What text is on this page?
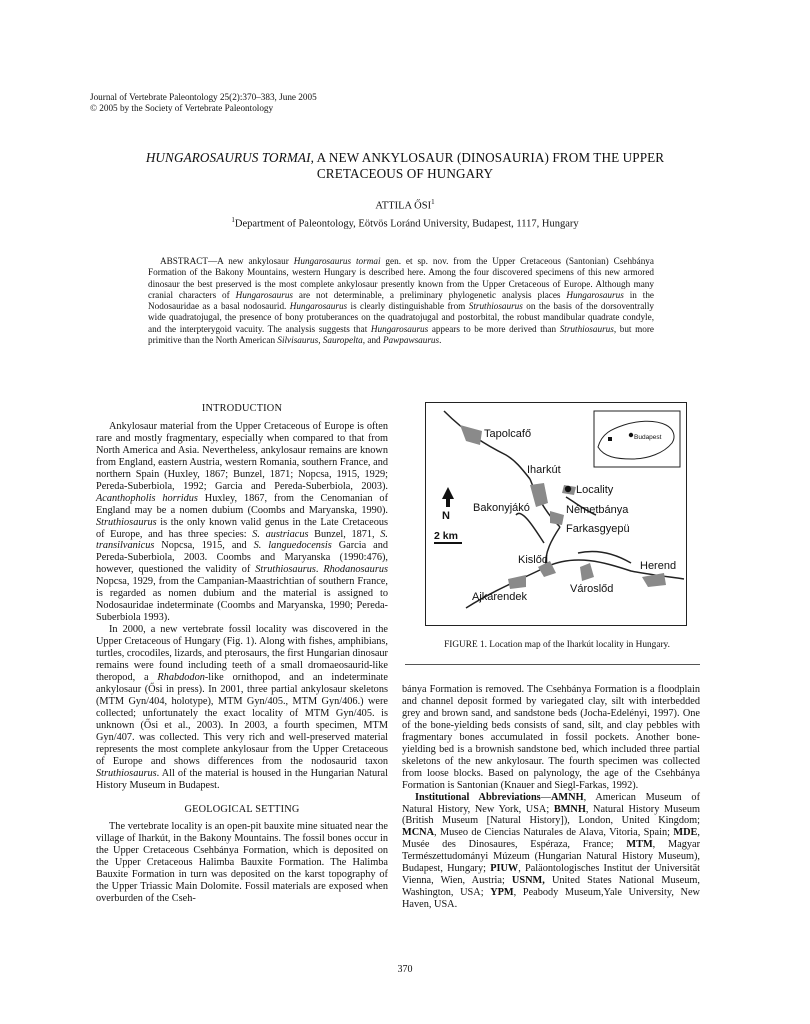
Journal of Vertebrate Paleontology 25(2):370–383, June 2005
© 2005 by the Society of Vertebrate Paleontology
HUNGAROSAURUS TORMAI, A NEW ANKYLOSAUR (DINOSAURIA) FROM THE UPPER
CRETACEOUS OF HUNGARY
ATTILA ŐSI$^1$
$^1$Department of Paleontology, Eötvös Loránd University, Budapest, 1117, Hungary
ABSTRACT—A new ankylosaur Hungarosaurus tormai gen. et sp. nov. from the Upper Cretaceous (Santonian) Csehbánya Formation of the Bakony Mountains, western Hungary is described here. Among the four discovered specimens of this new armored dinosaur the best preserved is the most complete ankylosaur presently known from the Upper Cretaceous of Europe. Although many cranial characters of Hungarosaurus are not determinable, a preliminary phylogenetic analysis places Hungarosaurus in the Nodosauridae as a basal nodosaurid. Hungarosaurus is clearly distinguishable from Struthiosaurus on the basis of the dorsoventrally wide quadratojugal, the presence of bony protuberances on the quadratojugal and postorbital, the robust mandibular quadrate condyle, and the interpterygoid vacuity. The analysis suggests that Hungarosaurus appears to be more derived than Struthiosaurus, but more primitive than the North American Silvisaurus, Sauropelta, and Pawpawsaurus.
INTRODUCTION

Ankylosaur material from the Upper Cretaceous of Europe is often rare and mostly fragmentary, especially when compared to that from North America and Asia. Nevertheless, ankylosaur remains are known from England, eastern Austria, western Romania, southern France, and northern Spain (Huxley, 1867; Bunzel, 1871; Nopcsa, 1915, 1929; Pereda-Suberbiola, 1992; Garcia and Pereda-Suberbiola, 2003). Acanthopholis horridus Huxley, 1867, from the Cenomanian of England may be a nomen dubium (Coombs and Maryanska, 1990). Struthiosaurus is the only known valid genus in the Late Cretaceous of Europe, and has three species: S. austriacus Bunzel, 1871, S. transilvanicus Nopcsa, 1915, and S. languedocensis Garcia and Pereda-Suberbiola, 2003. Coombs and Maryanska (1990:476), however, questioned the validity of Struthiosaurus. Rhodanosaurus Nopcsa, 1929, from the Campanian-Maastrichtian of southern France, is regarded as nomen dubium and the material is assigned to Nodosauridae indeterminate (Coombs and Maryanska, 1990; Pereda-Suberbiola 1993).

In 2000, a new vertebrate fossil locality was discovered in the Upper Cretaceous of Hungary (Fig. 1). Along with fishes, amphibians, turtles, crocodiles, lizards, and pterosaurs, the first Hungarian dinosaur remains were found including teeth of a small dromaeosaurid-like theropod, a Rhabdodon-like ornithopod, and an indeterminate ankylosaur (Ősi in press). In 2001, three partial ankylosaur skeletons (MTM Gyn/404, holotype), MTM Gyn/405., MTM Gyn/406.) were collected; unfortunately the exact locality of MTM Gyn/405. is unknown (Ősi et al., 2003). In 2003, a fourth specimen, MTM Gyn/407. was collected. This very rich and well-preserved material represents the most complete ankylosaur from the Upper Cretaceous of Europe and shows differences from the nodosaurid taxon Struthiosaurus. All of the material is housed in the Hungarian Natural History Museum in Budapest.

GEOLOGICAL SETTING

The vertebrate locality is an open-pit bauxite mine situated near the village of Iharkút, in the Bakony Mountains. The fossil bones occur in the Upper Cretaceous Csehbánya Formation, which is deposited on the Upper Cretaceous Halimba Bauxite Formation. The Halimba Bauxite Formation in turn was deposited on the karst topography of the Upper Triassic Main Dolomite. Fossil materials are exposed when overburden of the Cseh-

Tapolcafő
Iharkút
Locality
Bakonyjákó	Németbánya
Farkasgyepü
Kislőd	Herend
Ajkarendek
Városlőd
Budapest
N
2 km
FIGURE 1. Location map of the Iharkút locality in Hungary.

bánya Formation is removed. The Csehbánya Formation is a floodplain and channel deposit formed by variegated clay, silt with interbedded grey and brown sand, and sandstone beds (Jocha-Edelényi, 1997). One of the bone-yielding beds consists of sand, silt, and clay pebbles with fragmentary bones accumulated in fossil pockets. Another bone-yielding bed is a brownish sandstone bed, which included three partial skeletons of the new ankylosaur. The fourth specimen was collected from loose blocks. Based on palynology, the age of the Csehbánya Formation is Santonian (Knauer and Siegl-Farkas, 1992).

Institutional Abbreviations—AMNH, American Museum of Natural History, New York, USA; BMNH, Natural History Museum (British Museum [Natural History]), London, United Kingdom; MCNA, Museo de Ciencias Naturales de Alava, Vitoria, Spain; MDE, Musée des Dinosaures, Espéraza, France; MTM, Magyar Természettudományi Múzeum (Hungarian Natural History Museum), Budapest, Hungary; PIUW, Paläontologisches Institut der Universität Vienna, Wien, Austria; USNM, United States National Museum, Washington, USA; YPM, Peabody Museum,Yale University, New Haven, USA.

370
